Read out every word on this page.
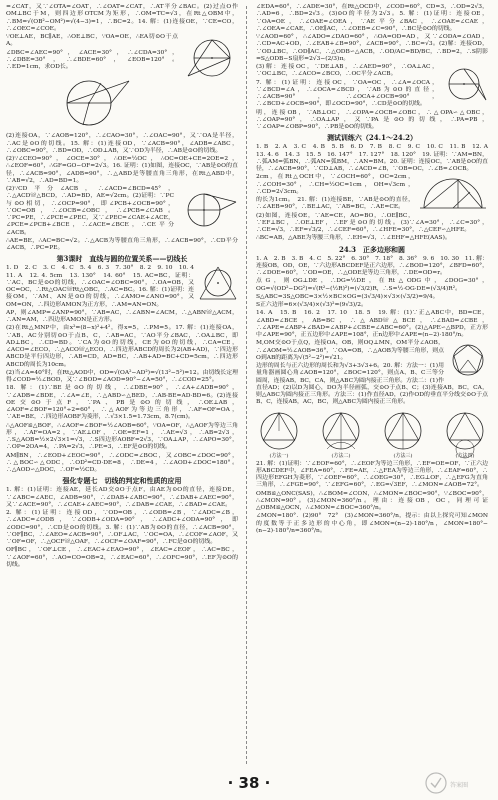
=∠CAT，又∵∠OTA=∠OAT，∴∠OAT=∠CAT，∴AT平分∠BAC。(2)过点O作OM⊥BC于M，则四边形OTCM为矩形，∴OM=TC=√3，在Rt△OBM中，∴BM=√(OB²−OM²)=√(4−3)=1，∴BC=2。14. 解：(1)连接OE，∵CE=CO，∴∠OEC=∠COE。

∵OE⊥AE，BC∥AE，∴OE⊥BC，∵OA=OE，∴EA切⊙O于点A。

∠DBC=∠AEC=90°，∠ACE=30°，∴∠CDA=30°，∴∠DBE=30°，∴∠BDE=60°，∠EOB=120°。∴ED=1cm，求OD长。

(2)连接OA，∵∠AOB=120°，∴∠CAO=30°，∴∠OAC=90°，又∵OA是半径，∴AC是⊙O的切线。15. 解：(1)连接OD，∵∠ACB=90°，∠ADB=∠ABC，∴∠OBC=90°，∴BD=OD，∴OD⊥AB，又∵OD为半径，∴AB是⊙O的切线。

(2)∵∠CEO=90°，∠OCE=30°，∴OE=½OC，∴OC=OE+CE=2OE=2，∴∠EOF=60°，∴GF=GO−OF=2√3。16. 证明：(1)如图，连接OC，∵AB是⊙O的直径，∴∠ACB=90°，∠ADB=90°，∴△ABD是等腰直角三角形，在Rt△ABD中，∵AB=√2，∴AD=BD=1。

(2)∵CD平分∠ACB，∴∠ACD=∠BCD=45°，∴△ACD≌△BCD，∴AD=BD，AE=√2cm。(2)证明：∵PC与⊙O相切，∴∠OCP=90°，即∠PCB+∠OCB=90°，∵OC=OB，∴∠OCB=∠OBC，∴∠PCB=∠CAB。∵PC=PE，∴∠PCE=∠PEC，又∵∠PEC=∠CAE+∠ACE，∠PCE=∠PCB+∠BCE，∴∠ACE=∠BCE，∴CE平分∠ACB。

∴AE=BE，∴AC=BC=√2。∴△ACB为等腰直角三角形，∴∠ACB=90°，∴CD平分∠ACB，∴PC=PE。

第3课时　直线与圆的位置关系——切线长

1. D　2. C　3. C　4. C　5. 4　6. 3　7. 30°　8. 2　9. 10　10. 4　11. A　12. 4. 5cm　13. 130°　14. 60°　15. AC=BC，证明：∵AC、BC是⊙O的切线，∴∠OAC=∠OBC=90°，∴OA=OB，又OC=OC，∴Rt△OAC≌Rt△OBC，∴AC=BC。16. 解：(1)证明：连接OM，∵AM、AN是⊙O的切线，∴∠AMO=∠ANO=90°，又OM=ON，∴四边形AMON为正方形，∴AM=AN=ON。

AP，则∠AMP=∠ANP=90°，∵AB=AC，∴∠ABN=∠ACM，∴△ABN≌△ACM，∴AN=AM，∴四边形AMON是正方形。

(2)在Rt△MNP中，由x²=(8−x)²+4²，得x=5，∴PM=5。17. 解：(1)连接OA，∵AB、AC分别切⊙O于点B、C，∴AB=AC，∵AO平分∠BAC，∴OA⊥BC，即AD⊥BC，∴CD=BD。∵CA为⊙O的切线，CE为⊙O的切线，∴CA=CE，∠ACO=∠ECO，∴△ACO≌△ECO，∴四边形ABCD的周长为2(AB+AD)，∵四边形ABCD是平行四边形，∴AB=CD，AD=BC，∴AB+AD=BC+CD=5cm，∴四边形ABCD的周长为10cm。

(2)当∠A=40°时，在Rt△AOD中，OD=√(OA²−AD²)=√(13²−5²)=12。由切线长定理得∠COD=½∠BOD，又∵∠BOD=∠AOD=90°−∠A=50°，∴∠COD=25°。

18. 解：(1)∵BE是⊙O的切线，∴∠DBE=90°，∴∠A+∠ADB=90°，∵∠ADB=∠BDE，∴∠A=∠E，∴△ABD∽△BED，∴AB·BE=AD·BD=6。(2)连接OE交⊙O于点F，∵PA、PB是⊙O的切线，∴OE⊥AB，∠AOF=∠BOF=120°÷2=60°，∴△AOF为等边三角形，∴AF=OF=OA，∵AE=BE，∴四边形AOBF为菱形，∴√3×1.5=1.73cm，8.7(cm)。

∴△AOF≌△BOF，∴∠AOF=∠BOF=½∠AOB=60°，∵OA=OF，∴△AOF为等边三角形，∴AF=OA=2，∵AE⊥OF，∴OE=EF=1，∴AE=√3，∴AB=2√3，∴S△AOB=½×2√3×1=√3，∴S四边形AOBF=2√3，∵OA⊥AP，∴∠APO=30°，∴OP=2OA=4，∴PA=2√3，∴PE=3，∴EF是⊙O的切线。

AM∥BN，∴∠EOD+∠EOC=90°，∴∠ODC=∠BOC，又∠OBC=∠DOC=90°，∴△BOC∽△ODC，∴OD²=CD·DE=8，∴DE=4，∴∠AOD+∠DOC=180°。∴△AOD∽△DOC，∴OF=½CD。

强化专题七　切线的判定和性质的应用

1. 解：(1)证明：连接AE，延长AD交⊙O于点F，由AE为⊙O的直径，连接DE，∵∠ABC=∠AEC，∠ADB=90°，∴∠DAB+∠ABC=90°，∴∠DAB+∠AEC=90°，又∵∠ACE=90°，∴∠CAE+∠AEC=90°，∴∠DAB=∠CAE，∴∠BAD=∠CAE。

2. 解：(1)证明：连接OD，∵OD=OB，∴∠ODB=∠B，∵∠ADC=∠B，∴∠ADC=∠ODB，∵∠ODB+∠ODA=90°，∴∠ADC+∠ODA=90°，即∠ODC=90°，∴CD是⊙O的切线。3. 解：(1)∵AB为⊙O的直径，∴∠ACB=90°，∵OF∥BC，∴∠AEO=∠ACB=90°，∴OF⊥AC，∵OC=OA，∴∠COF=∠AOF，又∵OF=OF，∴△OCF≌△OAF，∴∠OCF=∠OAF=90°，∴FC是⊙O的切线。

OF∥BC，∵OF⊥CE，∴∠EAC+∠EAO=90°，∠EAC=∠EOF，∴AC=BC，∵∠AOF=60°，∴AO=CO=OB=2，∴∠EAC=60°，∴∠OFC=90°，∴EF为⊙O的切线。

∠EDA=60°，∴∠ADE=30°，在Rt△OCD中，∠COD=60°，CD=3，∴OD=2√3，∴AD=6，∴BD=2√3。(3)⊙O的半径为2√3。5. 解：(1)证明：连接OE，∵OA=OE，∴∠OAE=∠OEA，∵AE平分∠BAC，∴∠OAE=∠CAE，∴∠OEA=∠CAE，∴OE∥AC，∴∠OEB=∠C=90°，∴BC是⊙O的切线。

∵∠AOD=60°，∴∠ADO=∠DAO=60°，∴OA=OD=AD，又∵∠ODA=∠OAD，∴CD=AC+OD，∴∠EAB+∠B=90°，∠ACB=90°，∴BC=√3。(2)解：连接OD，∵OD⊥BC，∴OD∥AC，∴△ODB∽△ACB，∴OD/AC=BD/BC，∴BD=2，∴S阴影=S△ODB−S扇形=2√3−(2/3)π。

(3)解：连接OC，∵DE⊥AB，∴∠AED=90°，∴OA⊥AC，∵OC⊥BC，∴∠ACO=∠BCO，∴OC平分∠ACB。

7. 解：(1)证明：连接OC，∵OA=OC，∴∠A=∠OCA，∵∠BCD=∠A，∴∠OCA=∠BCD，∵AB为⊙O的直径，∴∠ACB=90°，∴∠OCA+∠OCB=90°，∴∠BCD+∠OCB=90°，即∠OCD=90°，∴CD是⊙O的切线。

明，连接OB，∵AB⊥OC，∴∠OPA=∠OCB=∠OBC，∴△OPA∽△OBC，∴∠OAP=90°，∴OA⊥AP，又∵PA是⊙O的切线，∴PA=PB，∵∠OAP=∠OBP=90°，∴PB是⊙O的切线。

测试训练六（24.1～24.2）

1. B　2. A　3. C　4. B　5. B　6. D　7. B　8. C　9. C　10. C　11. B　12. A　13. 4. 6　14. 3　15. 5　16. 147°　17. 127°　18. 120°　19. 证明：∵AM=BN，∴弧AM=弧BN，∴弧AN=弧BM，∴AN=BM。20. 证明：连接OC，∵AB是⊙O的直径，∴∠ACB=90°，∵CD⊥AB，∴∠ACD=∠B，∵OB=OC，∴∠B=∠OCB。

2cm，在Rt△OCH中，∵∠OCH=60°，OC=2cm，∴∠COH=30°，∴CH=½OC=1cm，OH=√3cm，∴CD=2√3cm。

的长为1cm。　21. 解：(1)连接BE，∵AB是⊙O的直径，∴∠AEB=90°，∴BE⊥AC，∵AB=BC，∴AE=CE。

(2)如图，连接OE，∵AE=CE，AO=BO，∴OE∥BC，∵EF⊥BC，∴OE⊥EF，∴EF是⊙O的切线。(3)∵∠A=30°，∴∠C=30°，∴CE=√3，∴EF=√3/2，∴∠CEF=60°，∴∠HFE=30°，∴△CEF∽△HFE。

∴BC=AB，△ABE为等腰三角形，∴EH=√3，∴∠EHF=△HFE(AAS)。

24.3　正多边形和圆

1. A　2. B　3. B　4. C　5. 22°　6. 30°　7. 18°　8. 36°　9. 6　10. 30　11. 解：连接OB，OD，OE，∵六边形ABCDEF是正六边形，∴∠BOD=120°，∠BFD=60°，∴∠DOE=60°，∵OD=OE，∴△ODE是等边三角形，∴DE=OD=r。

点G，则OG⊥DE，∴DG=½DE，在Rt△ODG中，∠DOG=30°，OG=√(OD²−DG²)=√(R²−(½R)²)=(√3/2)R，∴S=½·OG·DE=(√3/4)R²。

S△ABC=3S△OBC=3×½×BC×OG=(3√3/4)×√3×(√3/2)=9/4。

S正六边形=6×(√3/4)×(√3)²=(9√3)/2。

14. A　15. B　16. 2　17. 10　18. 5　19. 解：(1)∵正△ABC中，BD=CE，∠ABD=∠BCE，AB=BC，∴△ABD≌△BCE，∴∠BAD=∠CBE，∴∠APE=∠ABP+∠BAD=∠ABP+∠CBE=∠ABC=60°。(2)△APE∽△BPD，正方形中∠APE=90°，正五边形中∠APE=108°，正n边形中∠APE=(n−2)·180°/n。

M,OM交⊙O于点Q，连接OA，OB，则OQ⊥MN，OM平分∠AOB，∴∠AOM=½∠AOB=36°，∵OA=OB，∴△AOB为等腰三角形，则点O到AB的距离为√(5²−2²)=√21。

边形的周长与正六边形的周长和为√3+3√3+6。20. 解：方法一：(1)用量角器画圆心角∠AOB=120°，∠BOC=120°，则点A、B、C三等分圆周，连接AB，BC，CA，则△ABC为圆内接正三角形。方法二：(1)作直径AD；(2)以D为圆心，DO为半径画弧，交⊙O于点B、C；(3)连接AB，BC，CA，则△ABC为圆内接正三角形。方法三：(1)作直径AD，(2)作OD的垂直平分线交⊙O于点B、C，连接AB，AC，BC，则△ABC为圆内接正三角形。

(方法一)	(方法二)	(方法三)	(方法四)

21. 解：(1)证明：∵∠EOF=60°，∴∠EOF为等边三角形，∴EF=OE=OF，∵正六边形ABCDEF中，∠FEA=60°，∴FE=AE，∴△FEA为等边三角形，∴∠EAF=60°，∴四边形EFGH为菱形，∵∠OEF=60°，∴∠OEG=30°，∴EG⊥OF，∴△EFG为直角三角形，∴∠FGE=90°，∵∠EFG=60°，∴EG=√3EF，∴∠MON=∠AOB=72°。

OMB≌△ONC(SAS)，∴∠BOM=∠CON，∴∠MON=∠BOC=90°，∵∠BOC=90°，∴∠MON=90°。(3)∠MON=360°/n。理由：连接OB，OC，同理可证△OBM≌△OCN，∴∠MON=∠BOC=360°/n。

∠MON=180°．(2)90°　72°　(3)∠MON=360°/n，提示：由以上探究可知∠MON的度数等于正多边形的中心角，即∠MON=(n−2)·180°/n，∠MON=180°−(n−2)·180°/n=360°/n。

· 38 ·	答案圈
